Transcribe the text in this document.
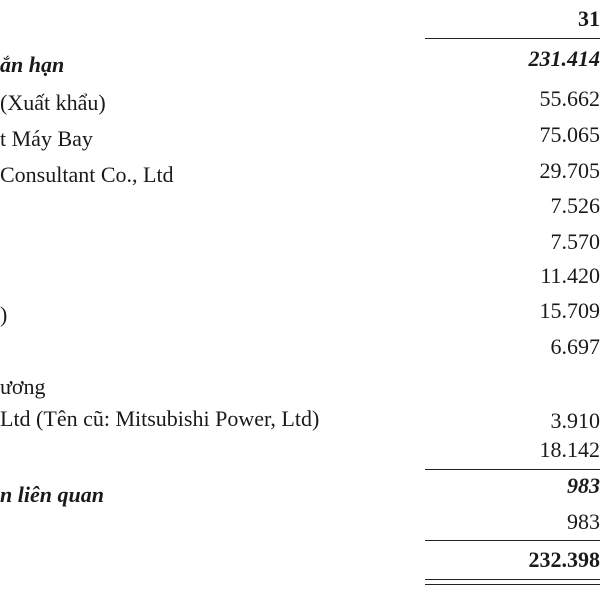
31
ắn hạn	231.414
(Xuất khẩu)	55.662
t Máy Bay	75.065
Consultant Co., Ltd	29.705
7.526
7.570
11.420
)	15.709
6.697
ương
Ltd (Tên cũ: Mitsubishi Power, Ltd)	3.910
18.142
n liên quan	983
983
232.398
